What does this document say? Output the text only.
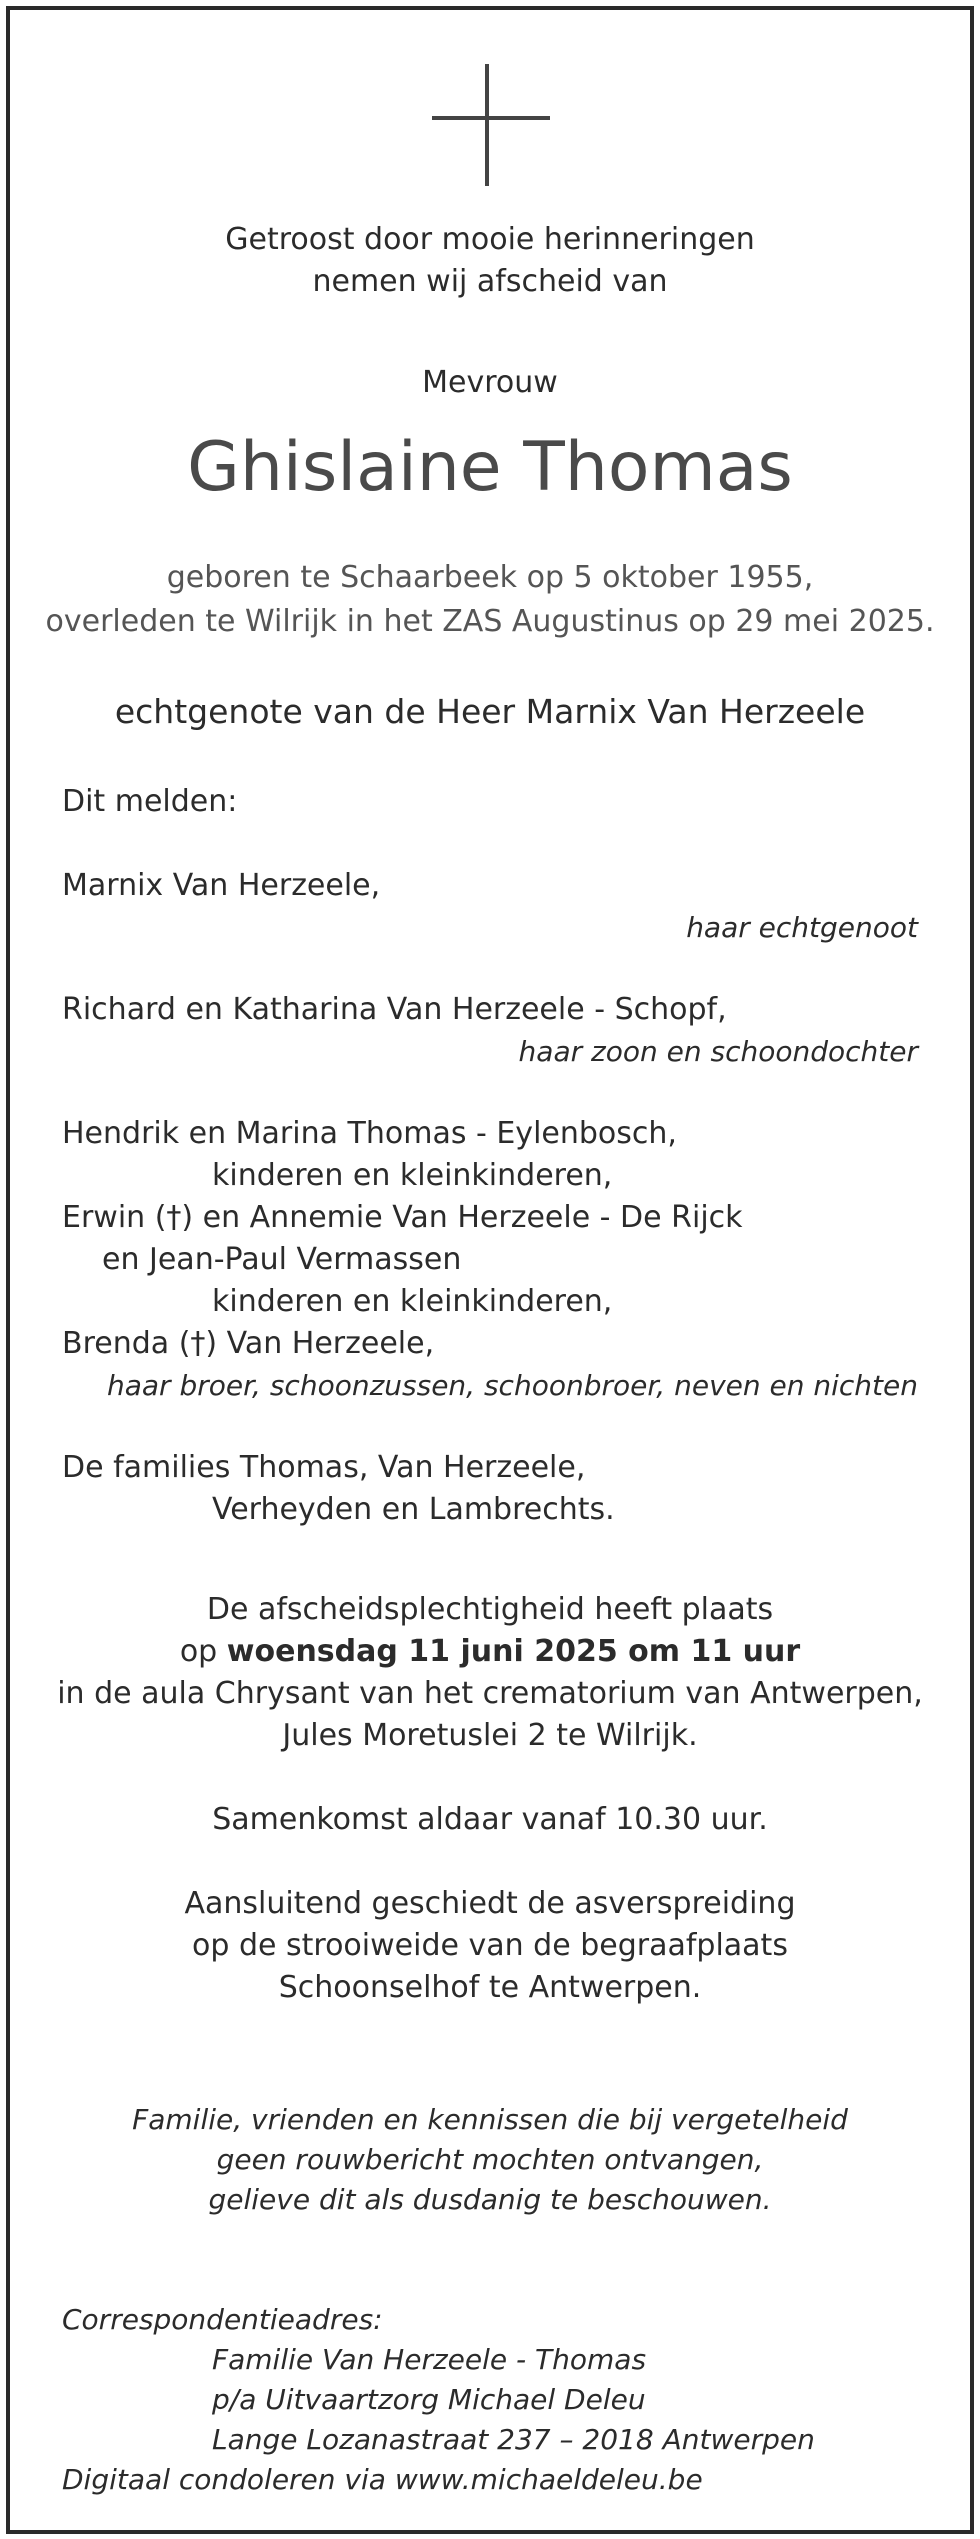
Getroost door mooie herinneringen
nemen wij afscheid van
Mevrouw
Ghislaine Thomas
geboren te Schaarbeek op 5 oktober 1955,
overleden te Wilrijk in het ZAS Augustinus op 29 mei 2025.
echtgenote van de Heer Marnix Van Herzeele
Dit melden:
Marnix Van Herzeele,
haar echtgenoot
Richard en Katharina Van Herzeele - Schopf,
haar zoon en schoondochter
Hendrik en Marina Thomas - Eylenbosch,
kinderen en kleinkinderen,
Erwin (†) en Annemie Van Herzeele - De Rijck
en Jean-Paul Vermassen
kinderen en kleinkinderen,
Brenda (†) Van Herzeele,
haar broer, schoonzussen, schoonbroer, neven en nichten
De families Thomas, Van Herzeele,
Verheyden en Lambrechts.
De afscheidsplechtigheid heeft plaats
op woensdag 11 juni 2025 om 11 uur
in de aula Chrysant van het crematorium van Antwerpen,
Jules Moretuslei 2 te Wilrijk.
Samenkomst aldaar vanaf 10.30 uur.
Aansluitend geschiedt de asverspreiding
op de strooiweide van de begraafplaats
Schoonselhof te Antwerpen.
Familie, vrienden en kennissen die bij vergetelheid
geen rouwbericht mochten ontvangen,
gelieve dit als dusdanig te beschouwen.
Correspondentieadres:
Familie Van Herzeele - Thomas
p/a Uitvaartzorg Michael Deleu
Lange Lozanastraat 237 – 2018 Antwerpen
Digitaal condoleren via www.michaeldeleu.be
